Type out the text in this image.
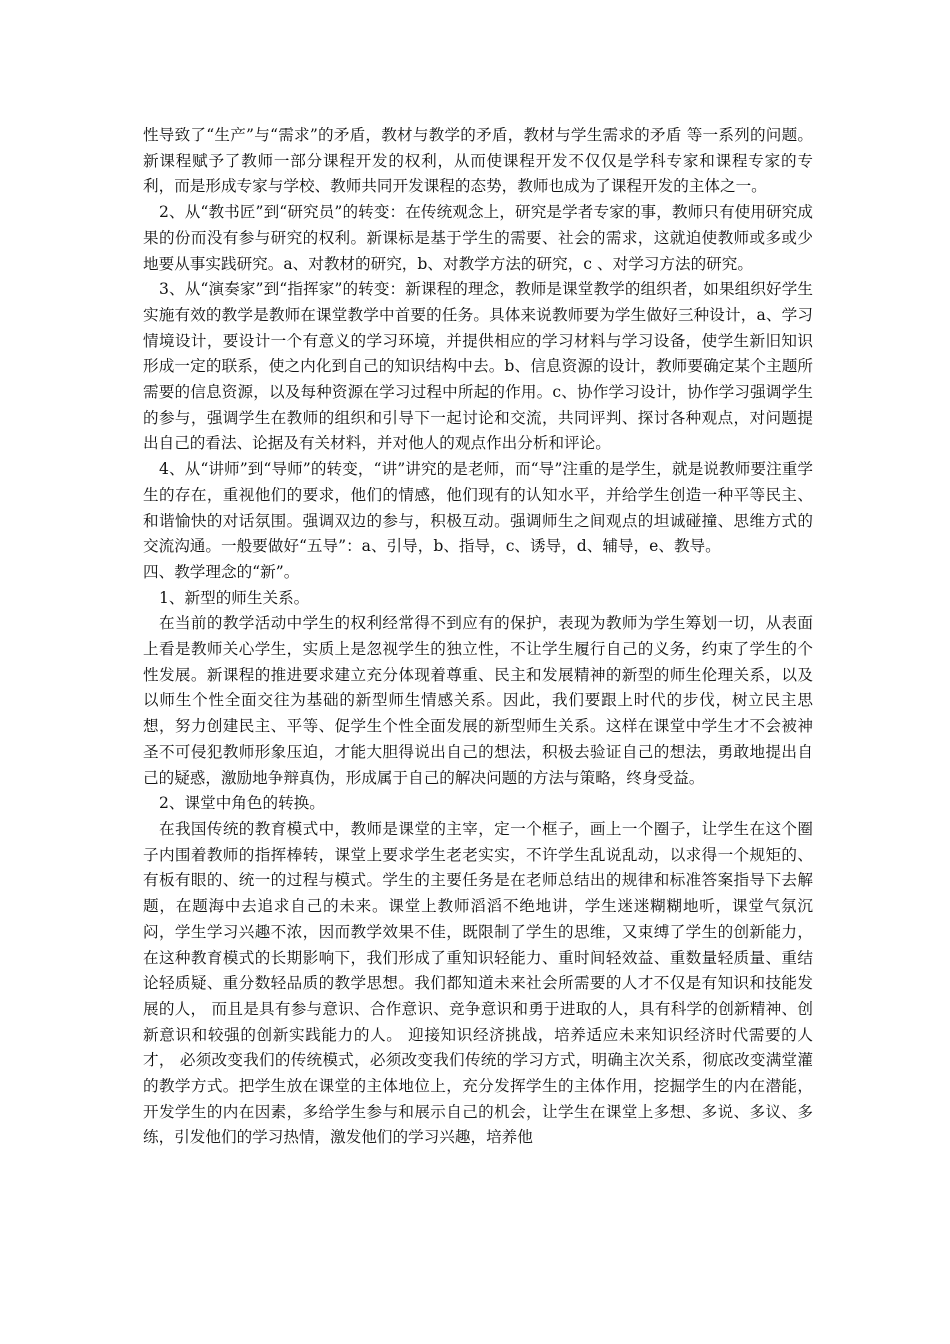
性导致了“生产”与“需求”的矛盾，教材与教学的矛盾，教材与学生需求的矛盾 等一系列的问题。新课程赋予了教师一部分课程开发的权利，从而使课程开发不仅仅是学科专家和课程专家的专利，而是形成专家与学校、教师共同开发课程的态势，教师也成为了课程开发的主体之一。

2、从“教书匠”到“研究员”的转变：在传统观念上，研究是学者专家的事，教师只有使用研究成果的份而没有参与研究的权利。新课标是基于学生的需要、社会的需求，这就迫使教师或多或少地要从事实践研究。a、对教材的研究，b、对教学方法的研究，c 、对学习方法的研究。

3、从“演奏家”到“指挥家”的转变：新课程的理念，教师是课堂教学的组织者，如果组织好学生实施有效的教学是教师在课堂教学中首要的任务。具体来说教师要为学生做好三种设计，a、学习情境设计，要设计一个有意义的学习环境，并提供相应的学习材料与学习设备，使学生新旧知识形成一定的联系，使之内化到自己的知识结构中去。b、信息资源的设计，教师要确定某个主题所需要的信息资源，以及每种资源在学习过程中所起的作用。c、协作学习设计，协作学习强调学生的参与，强调学生在教师的组织和引导下一起讨论和交流，共同评判、探讨各种观点，对问题提出自己的看法、论据及有关材料，并对他人的观点作出分析和评论。

4、从“讲师”到“导师”的转变，“讲”讲究的是老师，而“导”注重的是学生，就是说教师要注重学生的存在，重视他们的要求，他们的情感，他们现有的认知水平，并给学生创造一种平等民主、和谐愉快的对话氛围。强调双边的参与，积极互动。强调师生之间观点的坦诚碰撞、思维方式的交流沟通。一般要做好“五导”：a、引导，b、指导，c、诱导，d、辅导，e、教导。

四、教学理念的“新”。

1、新型的师生关系。

在当前的教学活动中学生的权利经常得不到应有的保护，表现为教师为学生筹划一切，从表面上看是教师关心学生，实质上是忽视学生的独立性，不让学生履行自己的义务，约束了学生的个性发展。新课程的推进要求建立充分体现着尊重、民主和发展精神的新型的师生伦理关系，以及以师生个性全面交往为基础的新型师生情感关系。因此，我们要跟上时代的步伐，树立民主思想，努力创建民主、平等、促学生个性全面发展的新型师生关系。这样在课堂中学生才不会被神圣不可侵犯教师形象压迫，才能大胆得说出自己的想法，积极去验证自己的想法，勇敢地提出自己的疑惑，激励地争辩真伪，形成属于自己的解决问题的方法与策略，终身受益。

2、课堂中角色的转换。

在我国传统的教育模式中，教师是课堂的主宰，定一个框子，画上一个圈子，让学生在这个圈子内围着教师的指挥棒转，课堂上要求学生老老实实，不许学生乱说乱动，以求得一个规矩的、有板有眼的、统一的过程与模式。学生的主要任务是在老师总结出的规律和标准答案指导下去解题，在题海中去追求自己的未来。课堂上教师滔滔不绝地讲，学生迷迷糊糊地听，课堂气氛沉闷，学生学习兴趣不浓，因而教学效果不佳，既限制了学生的思维，又束缚了学生的创新能力，在这种教育模式的长期影响下，我们形成了重知识轻能力、重时间轻效益、重数量轻质量、重结论轻质疑、重分数轻品质的教学思想。我们都知道未来社会所需要的人才不仅是有知识和技能发展的人， 而且是具有参与意识、合作意识、竞争意识和勇于进取的人，具有科学的创新精神、创新意识和较强的创新实践能力的人。 迎接知识经济挑战，培养适应未来知识经济时代需要的人才， 必须改变我们的传统模式，必须改变我们传统的学习方式，明确主次关系，彻底改变满堂灌的教学方式。把学生放在课堂的主体地位上，充分发挥学生的主体作用，挖掘学生的内在潜能，开发学生的内在因素，多给学生参与和展示自己的机会，让学生在课堂上多想、多说、多议、多练，引发他们的学习热情，激发他们的学习兴趣，培养他
